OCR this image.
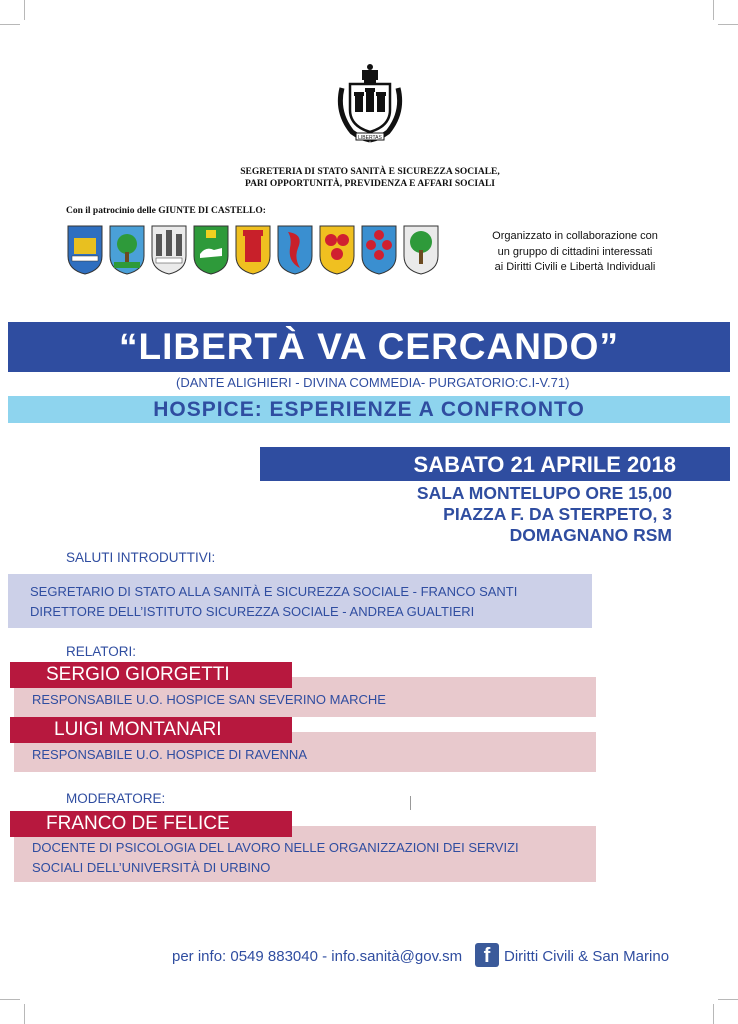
LIBERTAS
SEGRETERIA DI STATO SANITÀ E SICUREZZA SOCIALE,
PARI OPPORTUNITÀ, PREVIDENZA E AFFARI SOCIALI
Con il patrocinio delle GIUNTE DI CASTELLO:
Organizzato in collaborazione con
un gruppo di cittadini interessati
ai Diritti Civili e Libertà Individuali
“LIBERTÀ VA CERCANDO”
(DANTE ALIGHIERI - DIVINA COMMEDIA- PURGATORIO:C.I-V.71)
HOSPICE: ESPERIENZE A CONFRONTO
SABATO 21 APRILE 2018
SALA MONTELUPO ORE 15,00
PIAZZA F. DA STERPETO, 3
DOMAGNANO RSM
SALUTI INTRODUTTIVI:
SEGRETARIO DI STATO ALLA SANITÀ E SICUREZZA SOCIALE - FRANCO SANTI
DIRETTORE DELL’ISTITUTO SICUREZZA SOCIALE - ANDREA GUALTIERI
RELATORI:
SERGIO GIORGETTI
RESPONSABILE U.O. HOSPICE SAN SEVERINO MARCHE
LUIGI MONTANARI
RESPONSABILE U.O. HOSPICE DI RAVENNA
MODERATORE:
FRANCO DE FELICE
DOCENTE DI PSICOLOGIA DEL LAVORO NELLE ORGANIZZAZIONI DEI SERVIZI
SOCIALI DELL’UNIVERSITÀ DI URBINO
per info: 0549 883040 - info.sanità@gov.sm	f Diritti Civili & San Marino
